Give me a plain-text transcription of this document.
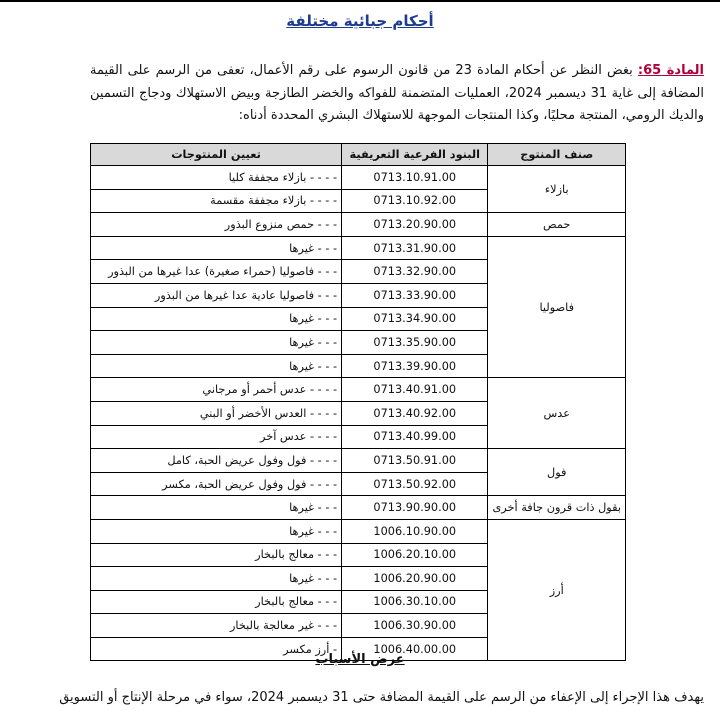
أحكام جبائية مختلفة
المادة 65: بغض النظر عن أحكام المادة 23 من قانون الرسوم على رقم الأعمال، تعفى من الرسم على القيمة المضافة إلى غاية 31 ديسمبر 2024، العمليات المتضمنة للفواكه والخضر الطازجة وبيض الاستهلاك ودجاج التسمين والديك الرومي، المنتجة محليًا، وكذا المنتجات الموجهة للاستهلاك البشري المحددة أدناه:
صنف المنتوج	البنود الفرعية التعريفية	تعيين المنتوجات
بازلاء	0713.10.91.00	- - - - بازلاء مجففة كليا
	0713.10.92.00	- - - - بازلاء مجففة مقسمة
حمص	0713.20.90.00	- - - حمص منزوع البذور
فاصوليا	0713.31.90.00	- - - غيرها
	0713.32.90.00	- - - فاصوليا (حمراء صغيرة) عدا غيرها من البذور
	0713.33.90.00	- - - فاصوليا عادية عدا غيرها من البذور
	0713.34.90.00	- - - غيرها
	0713.35.90.00	- - - غيرها
	0713.39.90.00	- - - غيرها
عدس	0713.40.91.00	- - - - عدس أحمر أو مرجاني
	0713.40.92.00	- - - - العدس الأخضر أو البني
	0713.40.99.00	- - - - عدس آخر
فول	0713.50.91.00	- - - - فول وفول عريض الحبة، كامل
	0713.50.92.00	- - - - فول وفول عريض الحبة، مكسر
بقول ذات قرون جافة أخرى	0713.90.90.00	- - - غيرها
أرز	1006.10.90.00	- - - غيرها
	1006.20.10.00	- - - معالج بالبخار
	1006.20.90.00	- - - غيرها
	1006.30.10.00	- - - معالج بالبخار
	1006.30.90.00	- - - غير معالجة بالبخار
	1006.40.00.00	- أرز مكسر
عرض الأسباب
يهدف هذا الإجراء إلى الإعفاء من الرسم على القيمة المضافة حتى 31 ديسمبر 2024، سواء في مرحلة الإنتاج أو التسويق
